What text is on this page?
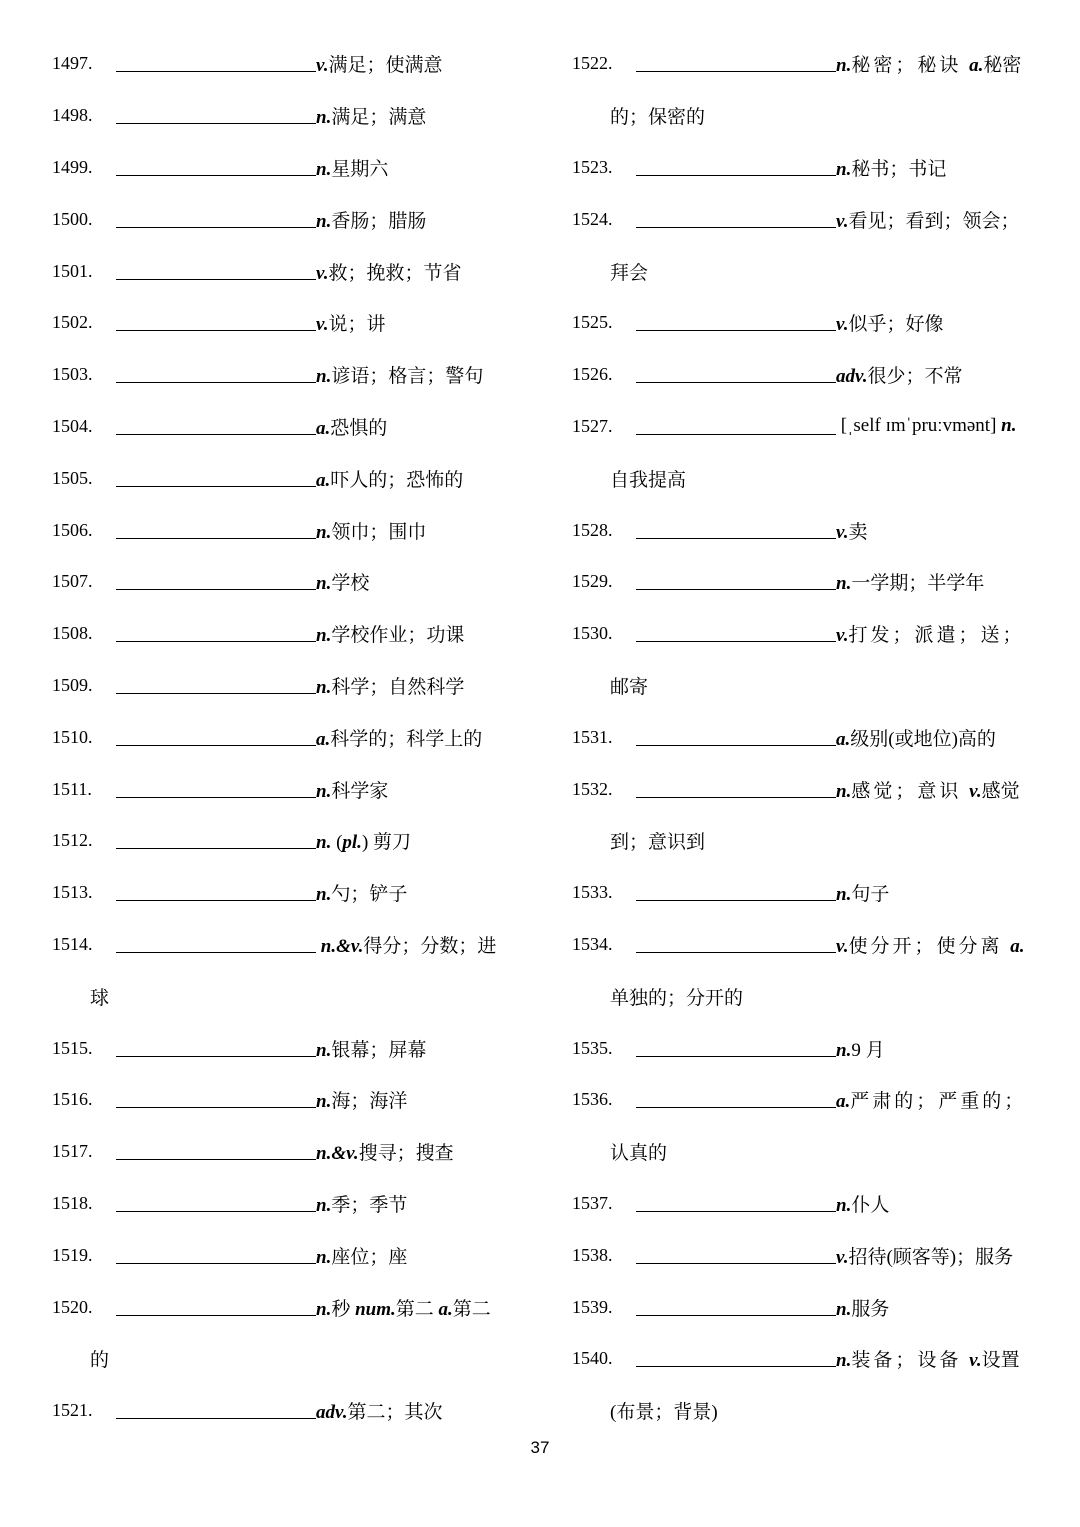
1497.	v. 满足；使满意
1498.	n. 满足；满意
1499.	n. 星期六
1500.	n. 香肠；腊肠
1501.	v. 救；挽救；节省
1502.	v. 说；讲
1503.	n. 谚语；格言；警句
1504.	a. 恐惧的
1505.	a. 吓人的；恐怖的
1506.	n. 领巾；围巾
1507.	n. 学校
1508.	n. 学校作业；功课
1509.	n. 科学；自然科学
1510.	a. 科学的；科学上的
1511.	n. 科学家
1512.	n. ( pl. ) 剪刀
1513.	n. 勺；铲子
1514.	n.&v. 得分；分数；进
球
1515.	n. 银幕；屏幕
1516.	n. 海；海洋
1517.	n.&v. 搜寻；搜查
1518.	n. 季；季节
1519.	n. 座位；座
1520.	n. 秒 num. 第二 a. 第二
的
1521.	adv. 第二；其次
1522.	n. 秘密；秘诀 a. 秘密
的；保密的
1523.	n. 秘书；书记
1524.	v. 看见；看到；领会；
拜会
1525.	v. 似乎；好像
1526.	adv. 很少；不常
1527.	[ˌself ɪmˈpruːvmənt] n.
自我提高
1528.	v. 卖
1529.	n. 一学期；半学年
1530.	v. 打发；派遣；送；
邮寄
1531.	a. 级别(或地位)高的
1532.	n. 感觉；意识 v. 感觉
到；意识到
1533.	n. 句子
1534.	v. 使分开；使分离 a.
单独的；分开的
1535.	n. 9 月
1536.	a. 严肃的；严重的；
认真的
1537.	n. 仆人
1538.	v. 招待(顾客等)；服务
1539.	n. 服务
1540.	n. 装备；设备 v. 设置
(布景；背景)
37
